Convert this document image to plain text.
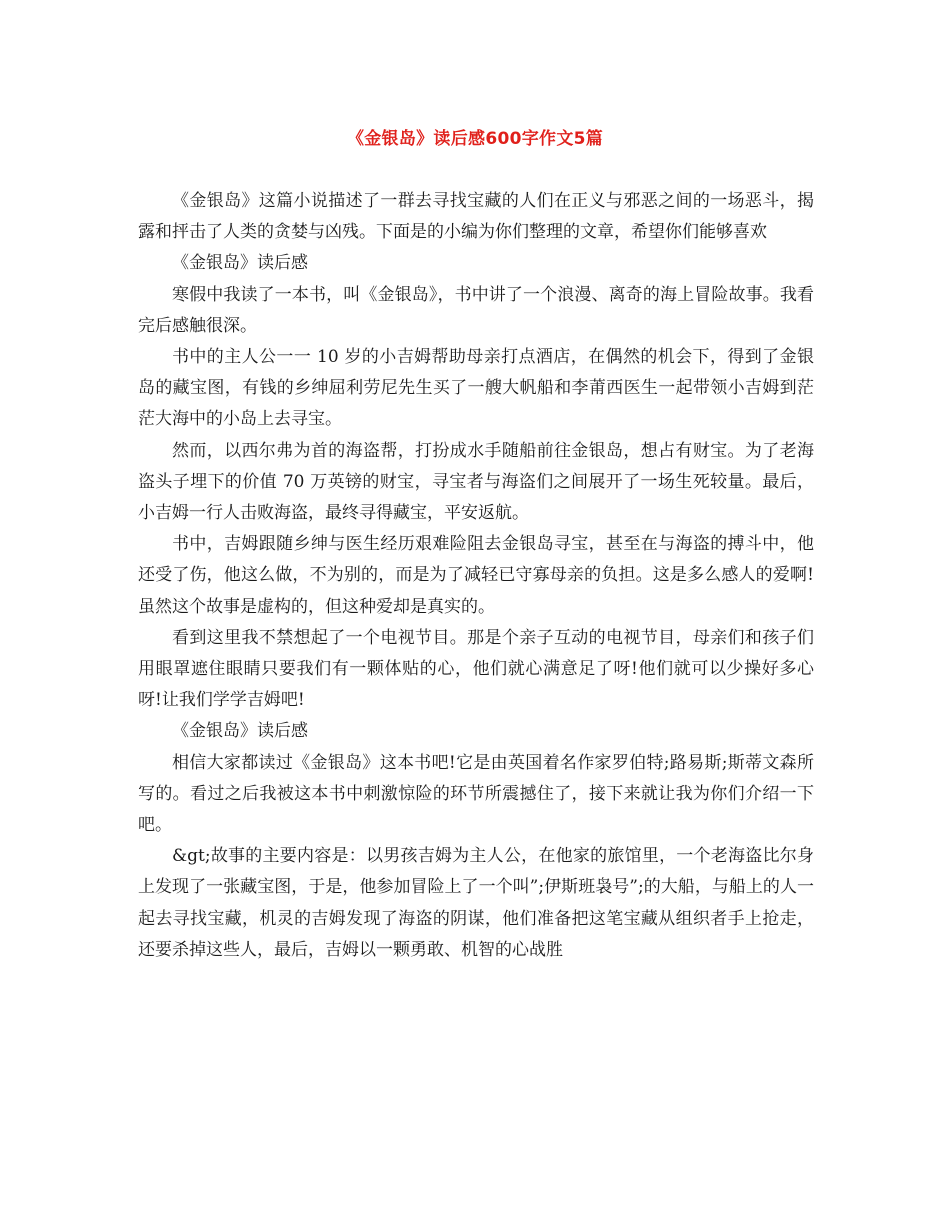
《金银岛》读后感600字作文5篇

《金银岛》这篇小说描述了一群去寻找宝藏的人们在正义与邪恶之间的一场恶斗，揭露和抨击了人类的贪婪与凶残。下面是的小编为你们整理的文章，希望你们能够喜欢

《金银岛》读后感

寒假中我读了一本书，叫《金银岛》，书中讲了一个浪漫、离奇的海上冒险故事。我看完后感触很深。

书中的主人公一一 10 岁的小吉姆帮助母亲打点酒店，在偶然的机会下，得到了金银岛的藏宝图，有钱的乡绅屈利劳尼先生买了一艘大帆船和李莆西医生一起带领小吉姆到茫茫大海中的小岛上去寻宝。

然而，以西尔弗为首的海盗帮，打扮成水手随船前往金银岛，想占有财宝。为了老海盗头子埋下的价值 70 万英镑的财宝，寻宝者与海盗们之间展开了一场生死较量。最后，小吉姆一行人击败海盗，最终寻得藏宝，平安返航。

书中，吉姆跟随乡绅与医生经历艰难险阻去金银岛寻宝，甚至在与海盗的搏斗中，他还受了伤，他这么做，不为别的，而是为了减轻已守寡母亲的负担。这是多么感人的爱啊!虽然这个故事是虚构的，但这种爱却是真实的。

看到这里我不禁想起了一个电视节目。那是个亲子互动的电视节目，母亲们和孩子们用眼罩遮住眼睛只要我们有一颗体贴的心，他们就心满意足了呀!他们就可以少操好多心呀!让我们学学吉姆吧!

《金银岛》读后感

相信大家都读过《金银岛》这本书吧!它是由英国着名作家罗伯特;路易斯;斯蒂文森所写的。看过之后我被这本书中刺激惊险的环节所震撼住了，接下来就让我为你们介绍一下吧。

&gt;故事的主要内容是：以男孩吉姆为主人公，在他家的旅馆里，一个老海盗比尔身上发现了一张藏宝图，于是，他参加冒险上了一个叫”;伊斯班袅号”;的大船，与船上的人一起去寻找宝藏，机灵的吉姆发现了海盗的阴谋，他们准备把这笔宝藏从组织者手上抢走，还要杀掉这些人，最后，吉姆以一颗勇敢、机智的心战胜
